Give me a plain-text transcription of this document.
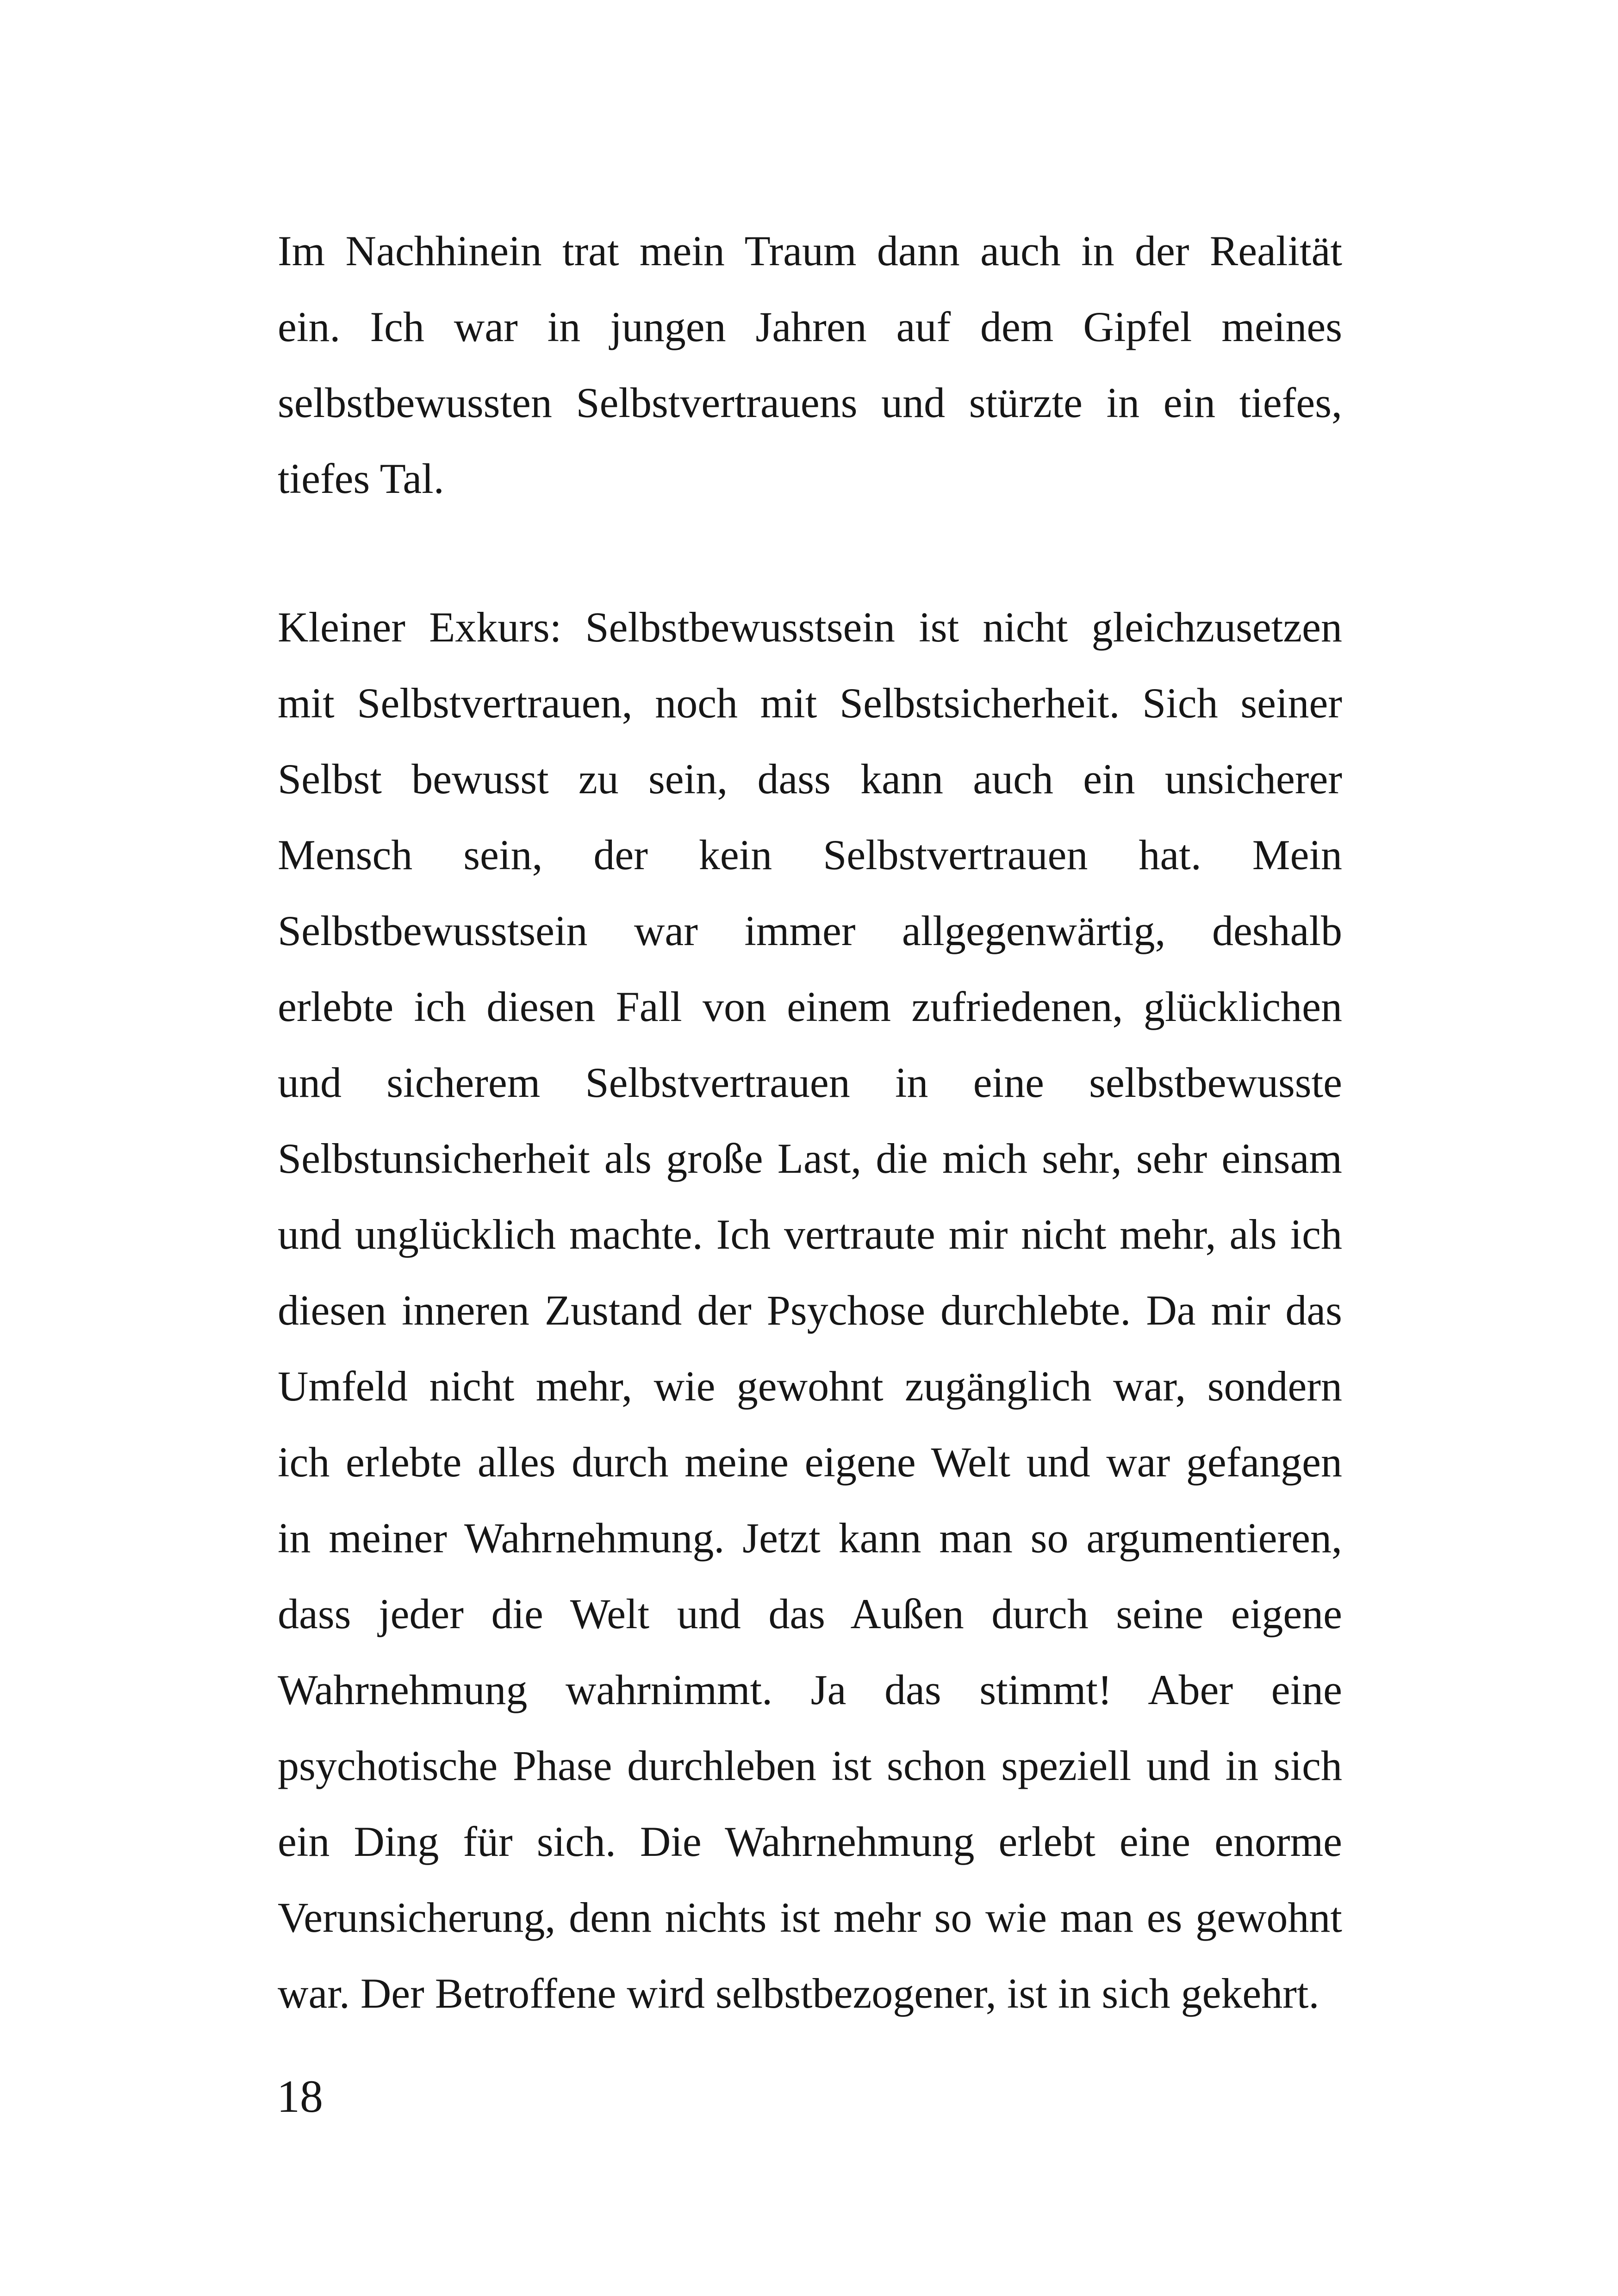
Im Nachhinein trat mein Traum dann auch in der Realität
ein. Ich war in jungen Jahren auf dem Gipfel meines
selbstbewussten Selbstvertrauens und stürzte in ein tiefes,
tiefes Tal.
Kleiner Exkurs: Selbstbewusstsein ist nicht gleichzusetzen
mit Selbstvertrauen, noch mit Selbstsicherheit. Sich seiner
Selbst bewusst zu sein, dass kann auch ein unsicherer
Mensch sein, der kein Selbstvertrauen hat. Mein
Selbstbewusstsein war immer allgegenwärtig, deshalb
erlebte ich diesen Fall von einem zufriedenen, glücklichen
und sicherem Selbstvertrauen in eine selbstbewusste
Selbstunsicherheit als große Last, die mich sehr, sehr einsam
und unglücklich machte. Ich vertraute mir nicht mehr, als ich
diesen inneren Zustand der Psychose durchlebte. Da mir das
Umfeld nicht mehr, wie gewohnt zugänglich war, sondern
ich erlebte alles durch meine eigene Welt und war gefangen
in meiner Wahrnehmung. Jetzt kann man so argumentieren,
dass jeder die Welt und das Außen durch seine eigene
Wahrnehmung wahrnimmt. Ja das stimmt! Aber eine
psychotische Phase durchleben ist schon speziell und in sich
ein Ding für sich. Die Wahrnehmung erlebt eine enorme
Verunsicherung, denn nichts ist mehr so wie man es gewohnt
war. Der Betroffene wird selbstbezogener, ist in sich gekehrt.
18
